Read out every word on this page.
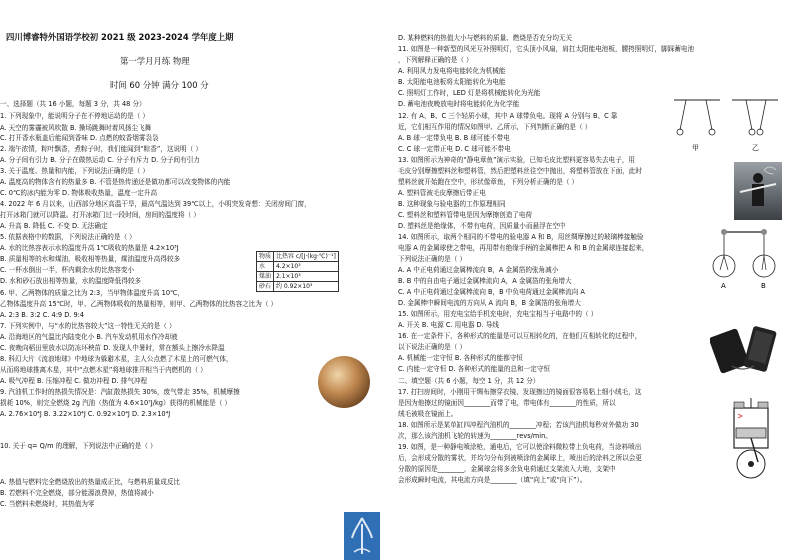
四川博睿特外国语学校初 2021 级 2023-2024 学年度上期
第一学月月练 物理
时间 60 分钟 满分 100 分
一、选择题（共 16 小题，每题 3 分，共 48 分）
1. 下列现象中，能说明分子在不停地运动的是（ ）
A. 天空的雾霾被风吹散 B. 操场跳舞时着风扬尘飞舞
C. 打开香水瓶盖后能闻到香味 D. 点燃的蚊香烟雾袅袅
2. 端午浓情，粽叶飘香，煮粽子时，我们能闻到“粽香”，这说明（ ）
A. 分子间有引力 B. 分子在做热运动 C. 分子有斥力 D. 分子间有引力
3. 关于温度、热量和内能，下列说法正确的是（ ）
A. 温度高的物体含有的热量多 B. 不管是热传递还是做功都可以改变物体的内能
C. 0℃的冰内能为零 D. 物体吸收热量，温度一定升高
4. 2022 年 6 月以来，山西部分地区高温干旱，最高气温达到 39℃以上，小明突发奇想：关闭房间门窗，
打开冰箱门就可以降温。打开冰箱门过一段时间，房间的温度将（ ）
A. 升高 B. 降低 C. 不变 D. 无法确定
5. 依据表格中的数据，下列说法正确的是（ ）
A. 水的比热容表示水的温度升高 1℃吸收的热量是 4.2×10³J
B. 质量相等的水和煤油，吸收相等热量，煤油温度升高得较多
C. 一杯水倒出一半，杯内剩余水的比热容变小
D. 水和砂石放出相等热量，水的温度降低得较多
6. 甲、乙两物体的质量之比为 2:3，当甲物体温度升高 10℃，
乙物体温度升高 15℃时，甲、乙两物体吸收的热量相等，则甲、乙两物体的比热容之比为（ ）
A. 2:3 B. 3:2 C. 4:9 D. 9:4
7. 下列实例中，与“水的比热容较大”这一特性无关的是（ ）
A. 沿海地区的气温比内陆变化小 B. 汽车发动机用水作冷却液
C. 夜晚向稻田里放水以防冻坏秧苗 D. 发现人中暑时，常在额头上擦冷水降温
8. 科幻大片《流浪地球》中地球为躲避木星，主人公点燃了木星上的可燃气体，
从而将地球推离木星，其中“点燃木星”将地球推开相当于内燃机的（ ）
A. 吸气冲程 B. 压缩冲程 C. 做功冲程 D. 排气冲程
9. 汽油机工作时的热损失情况是：汽缸散热损失 30%，废气带走 35%，机械摩擦
损耗 10%，则完全燃烧 2g 汽油（热值为 4.6×10⁷J/kg）获得的机械能是（ ）
A. 2.76×10⁴J B. 3.22×10⁴J C. 0.92×10⁴J D. 2.3×10⁴J
10. 关于 q= Q/m 的理解，下列说法中正确的是（ ）
A. 热值与燃料完全燃烧放出的热量成正比，与燃料质量成反比
B. 若燃料不完全燃烧，部分能源浪费掉，热值将减小
C. 当燃料未燃烧时，其热值为零
物质	比热容 c/[J·(kg·℃)⁻¹]
水	4.2×10³
煤油	2.1×10³
砂石	约 0.92×10³
D. 某种燃料的热值大小与燃料的质量、燃烧是否充分均无关
11. 如图是一种新型的风光互补照明灯，它头顶小风扇，肩扛太阳能电池板，腰挎照明灯，脚踩蓄电池
，下列解释正确的是（ ）
A. 利用风力发电将电能转化为机械能
B. 太阳能电池板将太阳能转化为电能
C. 照明灯工作时，LED 灯是将机械能转化为光能
D. 蓄电池夜晚放电时将电能转化为化学能
12. 有 A、B、C 三个轻质小球，其中 A 球带负电。现将 A 分别与 B、C 靠
近，它们相互作用的情况如图甲、乙所示，下列判断正确的是（ ）
A. B 球一定带负电 B. B 球可能不带电
C. C 球一定带正电 D. C 球可能不带电
13. 如图所示为神奇的“静电章鱼”演示实验，已知毛皮比塑料更容易失去电子，用
毛皮分别摩擦塑料丝和塑料管，然后把塑料丝往空中抛出，将塑料管放在下面，此时
塑料丝就开始跑在空中，形状像章鱼，下列分析正确的是（ ）
A. 塑料管被毛皮摩擦后带正电
B. 这种现象与验电器的工作原理相同
C. 塑料丝和塑料管带电是因为摩擦创造了电荷
D. 塑料丝是绝缘体，不带有电荷，因质量小而悬浮在空中
14. 如图所示，取两个相同的不带电的验电器 A 和 B，用丝绸摩擦过的玻璃棒接触验
电器 A 的金属球使之带电，再用带有绝缘手柄的金属棒把 A 和 B 的金属球连接起来，
下列说法正确的是（ ）
A. A 中正电荷通过金属棒流向 B，A 金属箔的张角减小
B. B 中的自由电子通过金属棒流向 A，A 金属箔的张角增大
C. A 中正电荷通过金属棒流向 B，B 中负电荷通过金属棒流向 A
D. 金属棒中瞬间电流的方向从 A 流向 B，B 金属箔的张角增大
15. 如图所示，用充电宝给手机充电时，充电宝相当于电路中的（ ）
A. 开关 B. 电源 C. 用电器 D. 导线
16. 在一定条件下，各种形式的能量是可以互相转化的，在他们互相转化的过程中，
以下说法正确的是（ ）
A. 机械能一定守恒 B. 各种形式的能都守恒
C. 内能一定守恒 D. 各种形式的能量的总和一定守恒
二、填空题（共 6 小题，每空 1 分，共 12 分）
17. 打扫房间时，小刚用干绸布擦穿衣镜，发现擦过的镜面很容易粘上细小绒毛，这
是因为他擦过的镜面因________而带了电，带电体有________的性质，所以
绒毛被吸在镜面上。
18. 如图所示是某单缸四冲程汽油机的________冲程；若该汽油机每秒对外做功 30
次，那么该汽油机飞轮的转速为________revs/min。
19. 如图，是一种静电喷涂枪，通电后，它可以使涂料微粒带上负电荷，当涂料喷出
后，会形成分散的雾状，并均匀分布到被喷涂的金属球上，喷出后的涂料之所以会更
分散的原因是________，金属球会将多余负电荷通过支架流入大地，支架中
会形成瞬时电流，其电流方向是________（填“向上”或“向下”）。
甲	乙
A	B
